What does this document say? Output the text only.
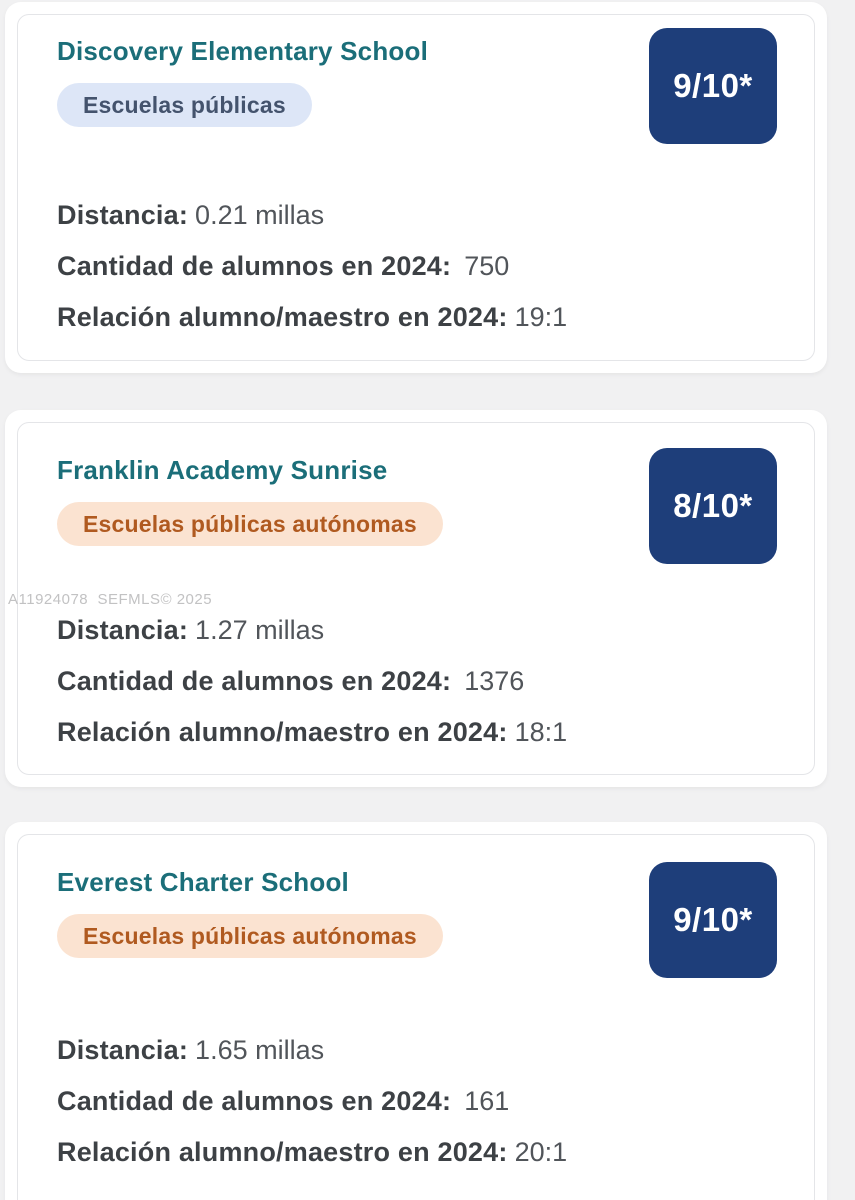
Discovery Elementary School
Escuelas públicas

Distancia: 0.21 millas

Cantidad de alumnos en 2024: 750

Relación alumno/maestro en 2024: 19:1

9/10*
Franklin Academy Sunrise
Escuelas públicas autónomas

Distancia: 1.27 millas

Cantidad de alumnos en 2024: 1376

Relación alumno/maestro en 2024: 18:1

8/10*
Everest Charter School
Escuelas públicas autónomas

Distancia: 1.65 millas

Cantidad de alumnos en 2024: 161

Relación alumno/maestro en 2024: 20:1

9/10*
A11924078  SEFMLS© 2025
